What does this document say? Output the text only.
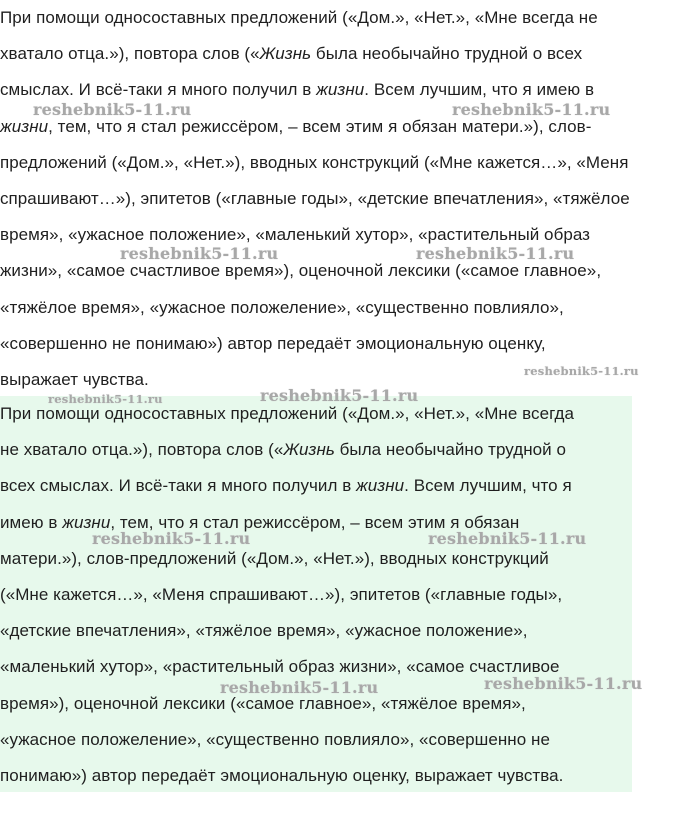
При помощи односоставных предложений («Дом.», «Нет.», «Мне всегда не
хватало отца.»), повтора слов («Жизнь была необычайно трудной о всех
смыслах. И всё-таки я много получил в жизни. Всем лучшим, что я имею в
жизни, тем, что я стал режиссёром, – всем этим я обязан матери.»), слов-
предложений («Дом.», «Нет.»), вводных конструкций («Мне кажется…», «Меня
спрашивают…»), эпитетов («главные годы», «детские впечатления», «тяжёлое
время», «ужасное положение», «маленький хутор», «растительный образ
жизни», «самое счастливое время»), оценочной лексики («самое главное»,
«тяжёлое время», «ужасное положеление», «существенно повлияло»,
«совершенно не понимаю») автор передаёт эмоциональную оценку,
выражает чувства.

При помощи односоставных предложений («Дом.», «Нет.», «Мне всегда
не хватало отца.»), повтора слов («Жизнь была необычайно трудной о
всех смыслах. И всё-таки я много получил в жизни. Всем лучшим, что я
имею в жизни, тем, что я стал режиссёром, – всем этим я обязан
матери.»), слов-предложений («Дом.», «Нет.»), вводных конструкций
(«Мне кажется…», «Меня спрашивают…»), эпитетов («главные годы»,
«детские впечатления», «тяжёлое время», «ужасное положение»,
«маленький хутор», «растительный образ жизни», «самое счастливое
время»), оценочной лексики («самое главное», «тяжёлое время»,
«ужасное положеление», «существенно повлияло», «совершенно не
понимаю») автор передаёт эмоциональную оценку, выражает чувства.

reshebnik5-11.ru	reshebnik5-11.ru
reshebnik5-11.ru	reshebnik5-11.ru
reshebnik5-11.ru
reshebnik5-11.ru	reshebnik5-11.ru
reshebnik5-11.ru	reshebnik5-11.ru
reshebnik5-11.ru	reshebnik5-11.ru
